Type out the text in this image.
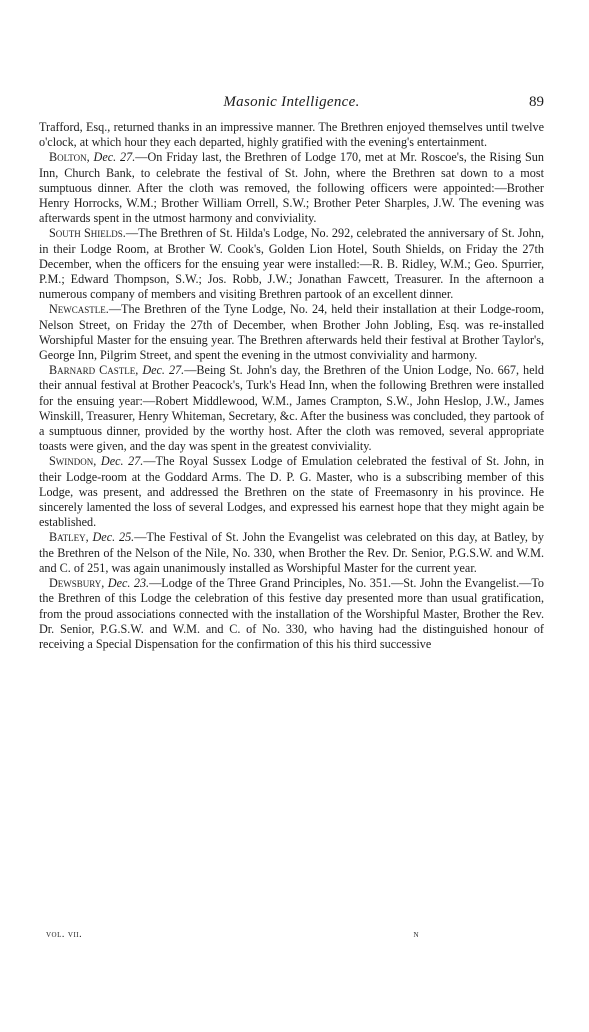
Masonic Intelligence.	89

Trafford, Esq., returned thanks in an impressive manner. The Brethren enjoyed themselves until twelve o'clock, at which hour they each departed, highly gratified with the evening's entertainment.

Bolton, Dec. 27.—On Friday last, the Brethren of Lodge 170, met at Mr. Roscoe's, the Rising Sun Inn, Church Bank, to celebrate the festival of St. John, where the Brethren sat down to a most sumptuous dinner. After the cloth was removed, the following officers were appointed:—Brother Henry Horrocks, W.M.; Brother William Orrell, S.W.; Brother Peter Sharples, J.W. The evening was afterwards spent in the utmost harmony and conviviality.

South Shields.—The Brethren of St. Hilda's Lodge, No. 292, celebrated the anniversary of St. John, in their Lodge Room, at Brother W. Cook's, Golden Lion Hotel, South Shields, on Friday the 27th December, when the officers for the ensuing year were installed:—R. B. Ridley, W.M.; Geo. Spurrier, P.M.; Edward Thompson, S.W.; Jos. Robb, J.W.; Jonathan Fawcett, Treasurer. In the afternoon a numerous company of members and visiting Brethren partook of an excellent dinner.

Newcastle.—The Brethren of the Tyne Lodge, No. 24, held their installation at their Lodge-room, Nelson Street, on Friday the 27th of December, when Brother John Jobling, Esq. was re-installed Worshipful Master for the ensuing year. The Brethren afterwards held their festival at Brother Taylor's, George Inn, Pilgrim Street, and spent the evening in the utmost conviviality and harmony.

Barnard Castle, Dec. 27.—Being St. John's day, the Brethren of the Union Lodge, No. 667, held their annual festival at Brother Peacock's, Turk's Head Inn, when the following Brethren were installed for the ensuing year:—Robert Middlewood, W.M., James Crampton, S.W., John Heslop, J.W., James Winskill, Treasurer, Henry Whiteman, Secretary, &c. After the business was concluded, they partook of a sumptuous dinner, provided by the worthy host. After the cloth was removed, several appropriate toasts were given, and the day was spent in the greatest conviviality.

Swindon, Dec. 27.—The Royal Sussex Lodge of Emulation celebrated the festival of St. John, in their Lodge-room at the Goddard Arms. The D. P. G. Master, who is a subscribing member of this Lodge, was present, and addressed the Brethren on the state of Freemasonry in his province. He sincerely lamented the loss of several Lodges, and expressed his earnest hope that they might again be established.

Batley, Dec. 25.—The Festival of St. John the Evangelist was celebrated on this day, at Batley, by the Brethren of the Nelson of the Nile, No. 330, when Brother the Rev. Dr. Senior, P.G.S.W. and W.M. and C. of 251, was again unanimously installed as Worshipful Master for the current year.

Dewsbury, Dec. 23.—Lodge of the Three Grand Principles, No. 351.—St. John the Evangelist.—To the Brethren of this Lodge the celebration of this festive day presented more than usual gratification, from the proud associations connected with the installation of the Worshipful Master, Brother the Rev. Dr. Senior, P.G.S.W. and W.M. and C. of No. 330, who having had the distinguished honour of receiving a Special Dispensation for the confirmation of this his third successive

vol. vii.	n
